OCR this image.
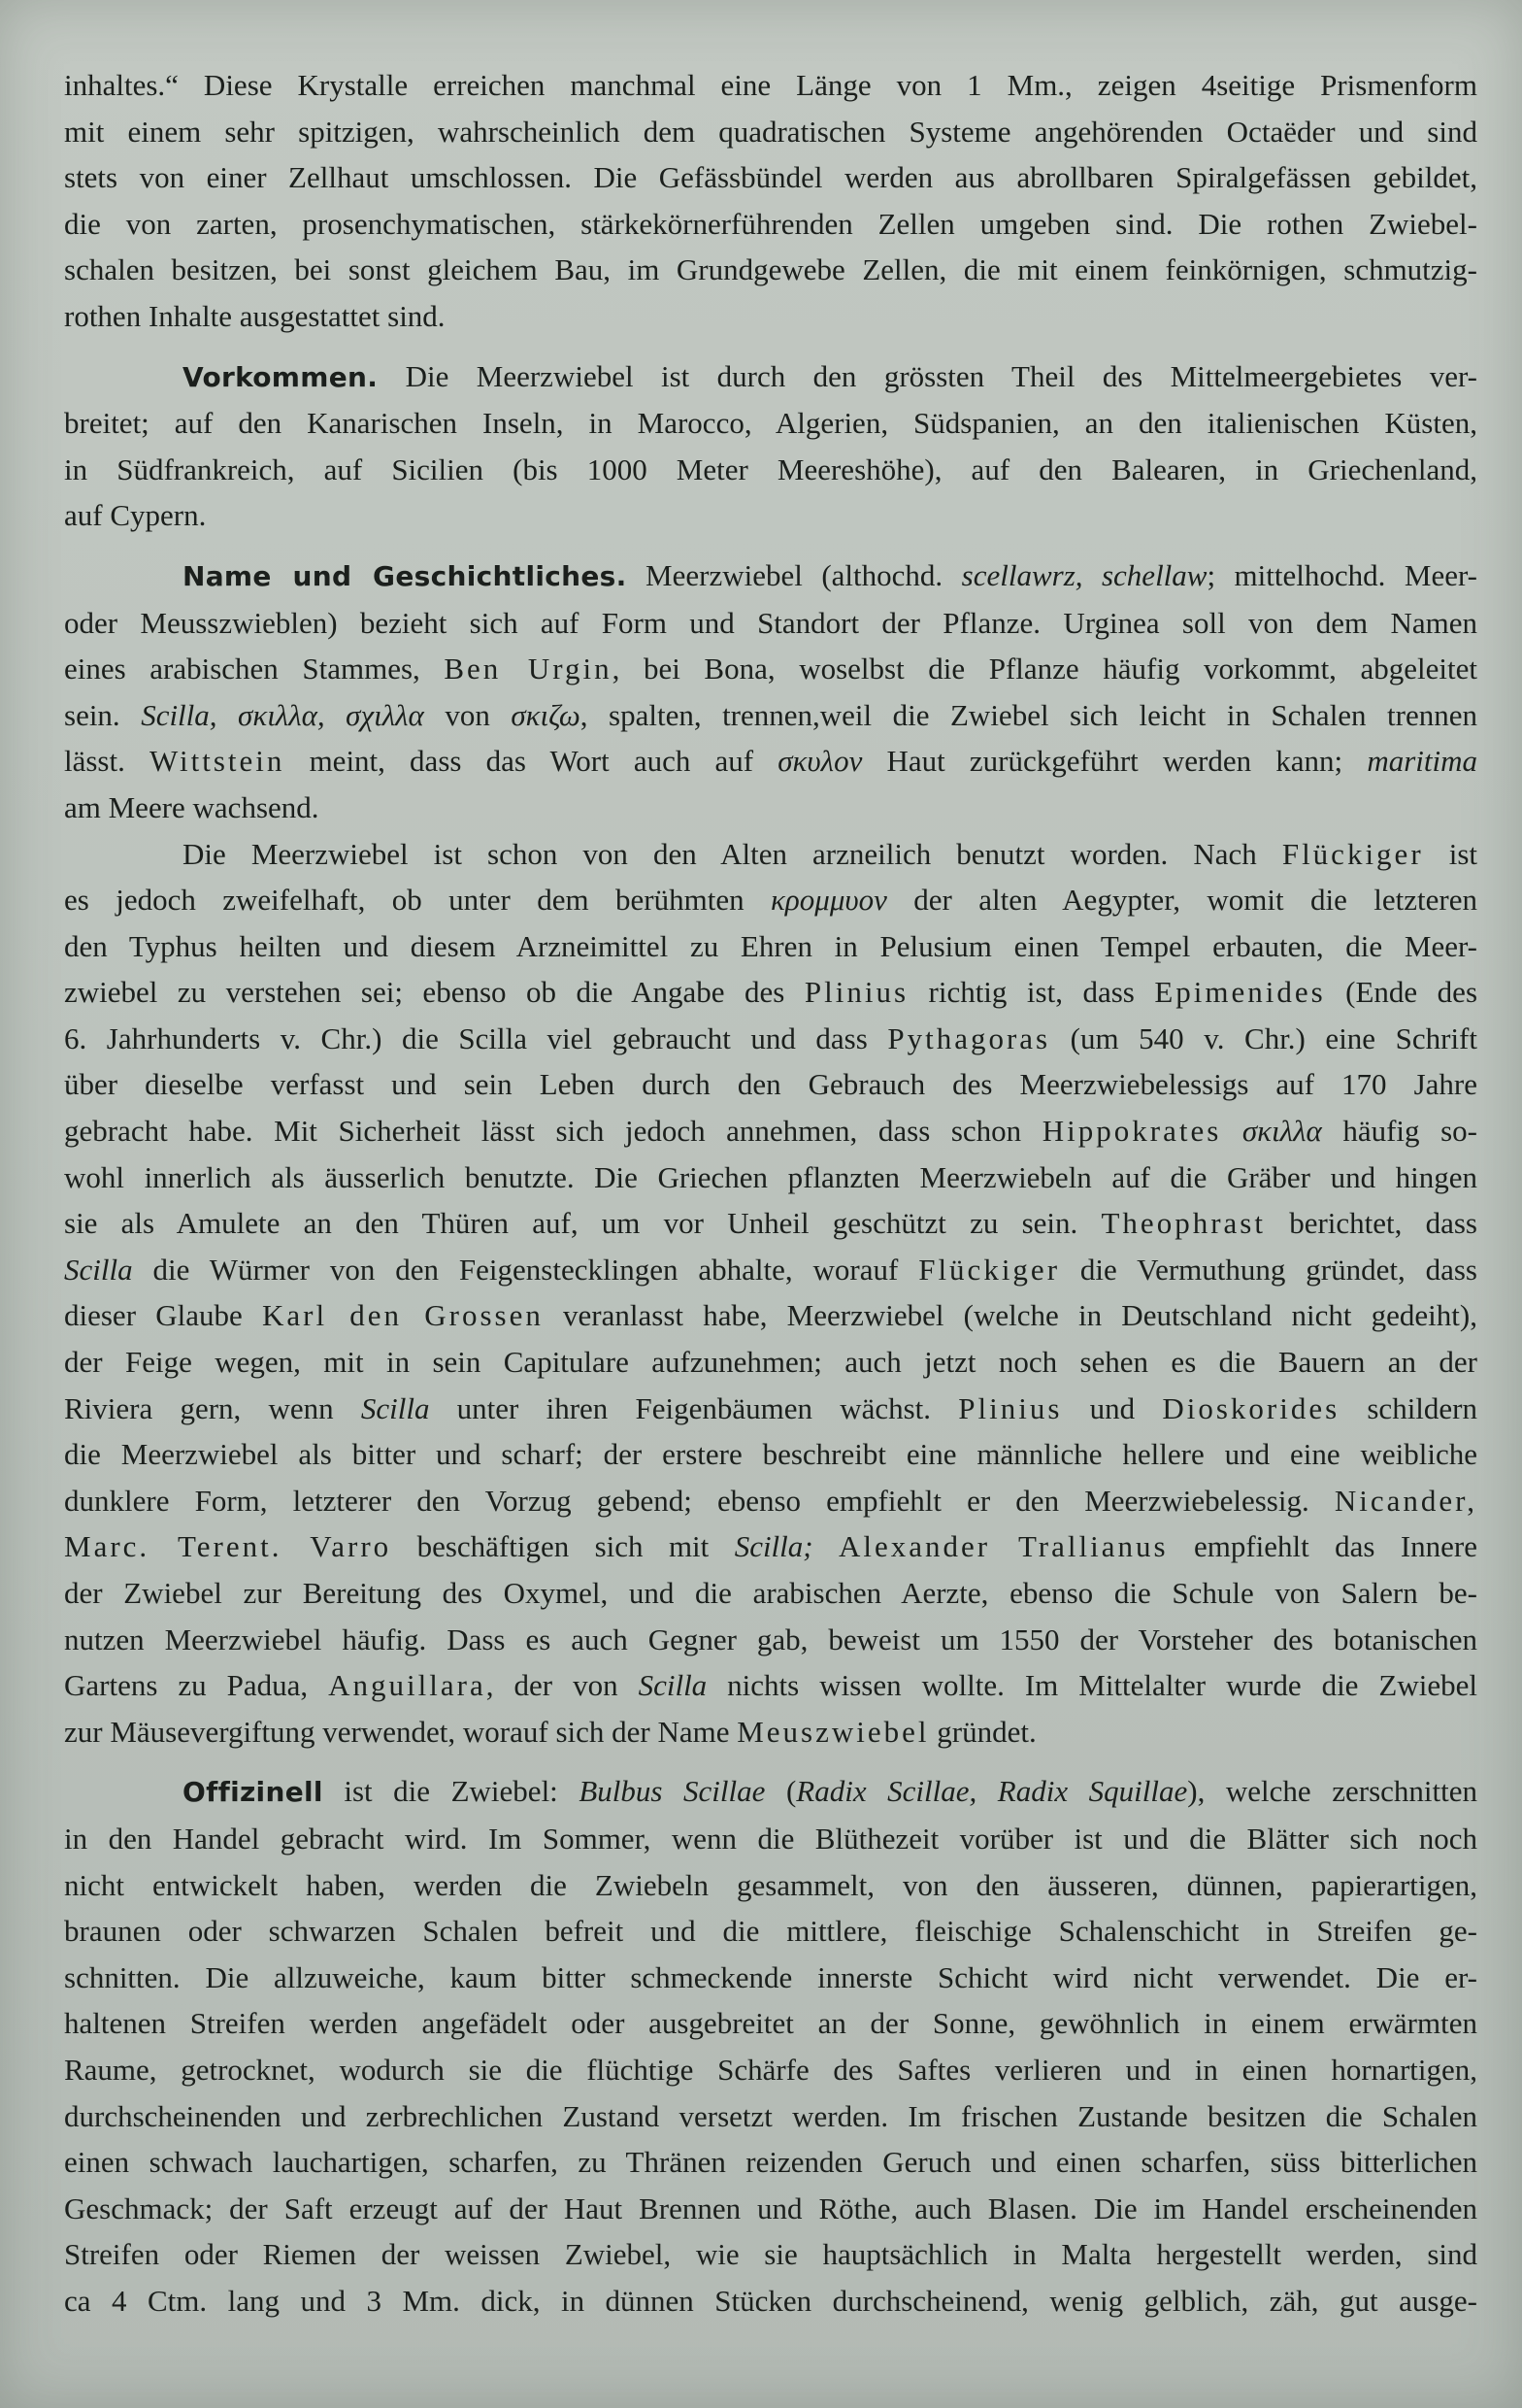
inhaltes.“ Diese Krystalle erreichen manchmal eine Länge von 1 Mm., zeigen 4seitige Prismenform
mit einem sehr spitzigen, wahrscheinlich dem quadratischen Systeme angehörenden Octaëder und sind
stets von einer Zellhaut umschlossen. Die Gefässbündel werden aus abrollbaren Spiralgefässen gebildet,
die von zarten, prosenchymatischen, stärkekörnerführenden Zellen umgeben sind. Die rothen Zwiebel-
schalen besitzen, bei sonst gleichem Bau, im Grundgewebe Zellen, die mit einem feinkörnigen, schmutzig-
rothen Inhalte ausgestattet sind.
Vorkommen. Die Meerzwiebel ist durch den grössten Theil des Mittelmeergebietes ver-
breitet; auf den Kanarischen Inseln, in Marocco, Algerien, Südspanien, an den italienischen Küsten,
in Südfrankreich, auf Sicilien (bis 1000 Meter Meereshöhe), auf den Balearen, in Griechenland,
auf Cypern.
Name und Geschichtliches. Meerzwiebel (althochd. scellawrz, schellaw; mittelhochd. Meer-
oder Meusszwieblen) bezieht sich auf Form und Standort der Pflanze. Urginea soll von dem Namen
eines arabischen Stammes, Ben Urgin, bei Bona, woselbst die Pflanze häufig vorkommt, abgeleitet
sein. Scilla, σκιλλα, σχιλλα von σκιζω, spalten, trennen,weil die Zwiebel sich leicht in Schalen trennen
lässt. Wittstein meint, dass das Wort auch auf σκυλον Haut zurückgeführt werden kann; maritima
am Meere wachsend.
Die Meerzwiebel ist schon von den Alten arzneilich benutzt worden. Nach Flückiger ist
es jedoch zweifelhaft, ob unter dem berühmten κρομμυον der alten Aegypter, womit die letzteren
den Typhus heilten und diesem Arzneimittel zu Ehren in Pelusium einen Tempel erbauten, die Meer-
zwiebel zu verstehen sei; ebenso ob die Angabe des Plinius richtig ist, dass Epimenides (Ende des
6. Jahrhunderts v. Chr.) die Scilla viel gebraucht und dass Pythagoras (um 540 v. Chr.) eine Schrift
über dieselbe verfasst und sein Leben durch den Gebrauch des Meerzwiebelessigs auf 170 Jahre
gebracht habe. Mit Sicherheit lässt sich jedoch annehmen, dass schon Hippokrates σκιλλα häufig so-
wohl innerlich als äusserlich benutzte. Die Griechen pflanzten Meerzwiebeln auf die Gräber und hingen
sie als Amulete an den Thüren auf, um vor Unheil geschützt zu sein. Theophrast berichtet, dass
Scilla die Würmer von den Feigenstecklingen abhalte, worauf Flückiger die Vermuthung gründet, dass
dieser Glaube Karl den Grossen veranlasst habe, Meerzwiebel (welche in Deutschland nicht gedeiht),
der Feige wegen, mit in sein Capitulare aufzunehmen; auch jetzt noch sehen es die Bauern an der
Riviera gern, wenn Scilla unter ihren Feigenbäumen wächst. Plinius und Dioskorides schildern
die Meerzwiebel als bitter und scharf; der erstere beschreibt eine männliche hellere und eine weibliche
dunklere Form, letzterer den Vorzug gebend; ebenso empfiehlt er den Meerzwiebelessig. Nicander,
Marc. Terent. Varro beschäftigen sich mit Scilla; Alexander Trallianus empfiehlt das Innere
der Zwiebel zur Bereitung des Oxymel, und die arabischen Aerzte, ebenso die Schule von Salern be-
nutzen Meerzwiebel häufig. Dass es auch Gegner gab, beweist um 1550 der Vorsteher des botanischen
Gartens zu Padua, Anguillara, der von Scilla nichts wissen wollte. Im Mittelalter wurde die Zwiebel
zur Mäusevergiftung verwendet, worauf sich der Name Meuszwiebel gründet.
Offizinell ist die Zwiebel: Bulbus Scillae (Radix Scillae, Radix Squillae), welche zerschnitten
in den Handel gebracht wird. Im Sommer, wenn die Blüthezeit vorüber ist und die Blätter sich noch
nicht entwickelt haben, werden die Zwiebeln gesammelt, von den äusseren, dünnen, papierartigen,
braunen oder schwarzen Schalen befreit und die mittlere, fleischige Schalenschicht in Streifen ge-
schnitten. Die allzuweiche, kaum bitter schmeckende innerste Schicht wird nicht verwendet. Die er-
haltenen Streifen werden angefädelt oder ausgebreitet an der Sonne, gewöhnlich in einem erwärmten
Raume, getrocknet, wodurch sie die flüchtige Schärfe des Saftes verlieren und in einen hornartigen,
durchscheinenden und zerbrechlichen Zustand versetzt werden. Im frischen Zustande besitzen die Schalen
einen schwach lauchartigen, scharfen, zu Thränen reizenden Geruch und einen scharfen, süss bitterlichen
Geschmack; der Saft erzeugt auf der Haut Brennen und Röthe, auch Blasen. Die im Handel erscheinenden
Streifen oder Riemen der weissen Zwiebel, wie sie hauptsächlich in Malta hergestellt werden, sind
ca 4 Ctm. lang und 3 Mm. dick, in dünnen Stücken durchscheinend, wenig gelblich, zäh, gut ausge-
